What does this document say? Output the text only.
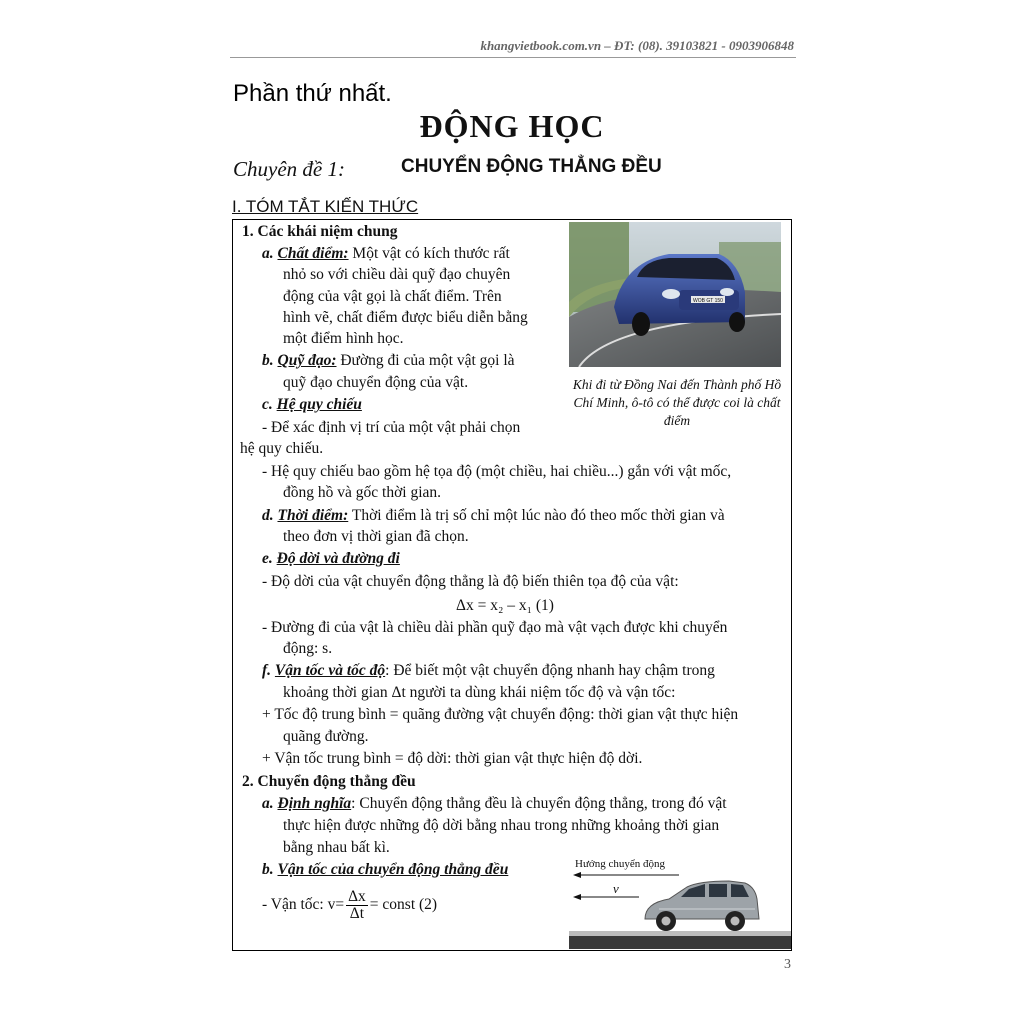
khangvietbook.com.vn – ĐT: (08). 39103821 - 0903906848
Phần thứ nhất.
ĐỘNG HỌC
Chuyên đề 1:	CHUYỂN ĐỘNG THẲNG ĐỀU
I. TÓM TẮT KIẾN THỨC
WOB GT 150
Khi đi từ Đồng Nai đến Thành phố Hồ Chí Minh, ô-tô có thể được coi là chất điểm
1. Các khái niệm chung
a. Chất điểm: Một vật có kích thước rất
nhỏ so với chiều dài quỹ đạo chuyên
động của vật gọi là chất điểm. Trên
hình vẽ, chất điểm được biểu diễn bằng
một điểm hình học.
b. Quỹ đạo: Đường đi của một vật gọi là
quỹ đạo chuyển động của vật.
c. Hệ quy chiếu
- Để xác định vị trí của một vật phải chọn
hệ quy chiếu.
- Hệ quy chiếu bao gồm hệ tọa độ (một chiều, hai chiều...) gắn với vật mốc,
đồng hồ và gốc thời gian.
d. Thời điểm: Thời điểm là trị số chỉ một lúc nào đó theo mốc thời gian và
theo đơn vị thời gian đã chọn.
e. Độ dời và đường đi
- Độ dời của vật chuyển động thẳng là độ biến thiên tọa độ của vật:
Δx = x₂ – x₁ (1)
- Đường đi của vật là chiều dài phần quỹ đạo mà vật vạch được khi chuyển
động: s.
f. Vận tốc và tốc độ: Để biết một vật chuyển động nhanh hay chậm trong
khoảng thời gian Δt người ta dùng khái niệm tốc độ và vận tốc:
+ Tốc độ trung bình = quãng đường vật chuyển động: thời gian vật thực hiện
quãng đường.
+ Vận tốc trung bình = độ dời: thời gian vật thực hiện độ dời.
2. Chuyển động thẳng đều
a. Định nghĩa: Chuyển động thẳng đều là chuyển động thẳng, trong đó vật
thực hiện được những độ dời bằng nhau trong những khoảng thời gian
bằng nhau bất kì.
b. Vận tốc của chuyển động thẳng đều
- Vận tốc: $v= \frac{\Delta x}{\Delta t}$ = const (2)
Hướng chuyển động
v⃗
3
